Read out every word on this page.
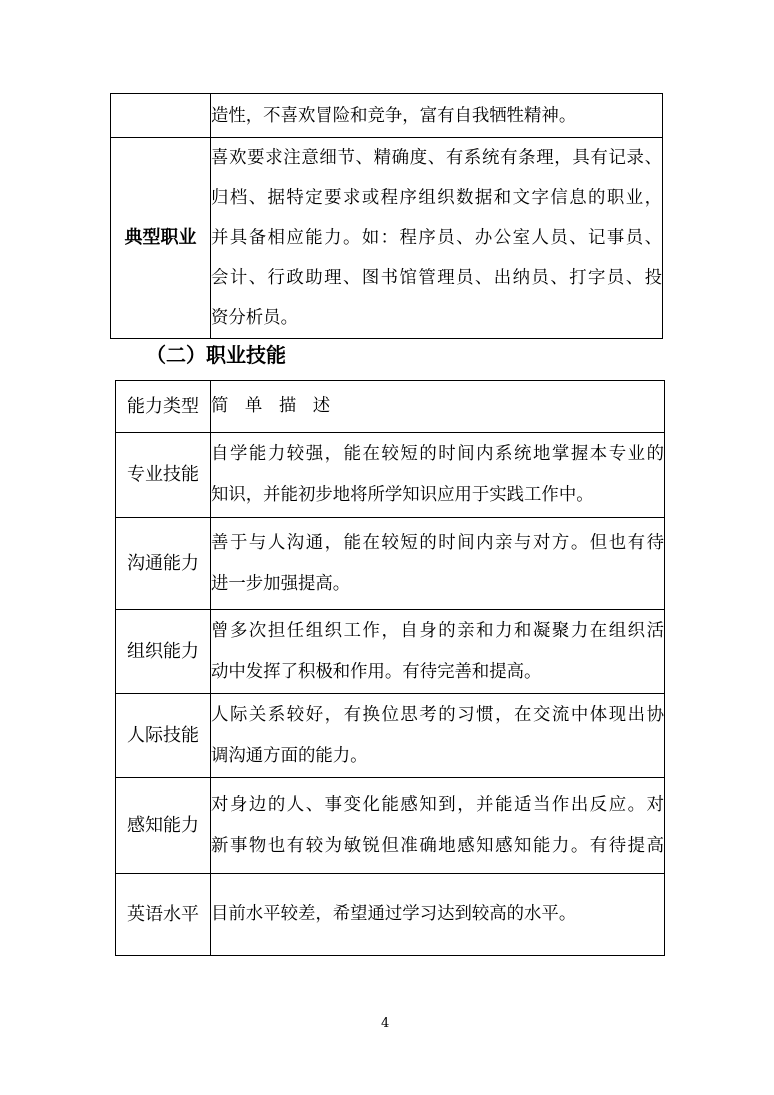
	造性，不喜欢冒险和竞争，富有自我牺牲精神。

典型职业	喜欢要求注意细节、精确度、有系统有条理，具有记录、
归档、据特定要求或程序组织数据和文字信息的职业，
并具备相应能力。如：程序员、办公室人员、记事员、
会计、行政助理、图书馆管理员、出纳员、打字员、投
资分析员。
（二）职业技能
能力类型	简 单 描 述

专业技能	自学能力较强，能在较短的时间内系统地掌握本专业的
知识，并能初步地将所学知识应用于实践工作中。

沟通能力	善于与人沟通，能在较短的时间内亲与对方。但也有待
进一步加强提高。

组织能力	曾多次担任组织工作，自身的亲和力和凝聚力在组织活
动中发挥了积极和作用。有待完善和提高。

人际技能	人际关系较好，有换位思考的习惯，在交流中体现出协
调沟通方面的能力。

感知能力	对身边的人、事变化能感知到，并能适当作出反应。对
新事物也有较为敏锐但准确地感知感知能力。有待提高

英语水平	目前水平较差，希望通过学习达到较高的水平。
4
